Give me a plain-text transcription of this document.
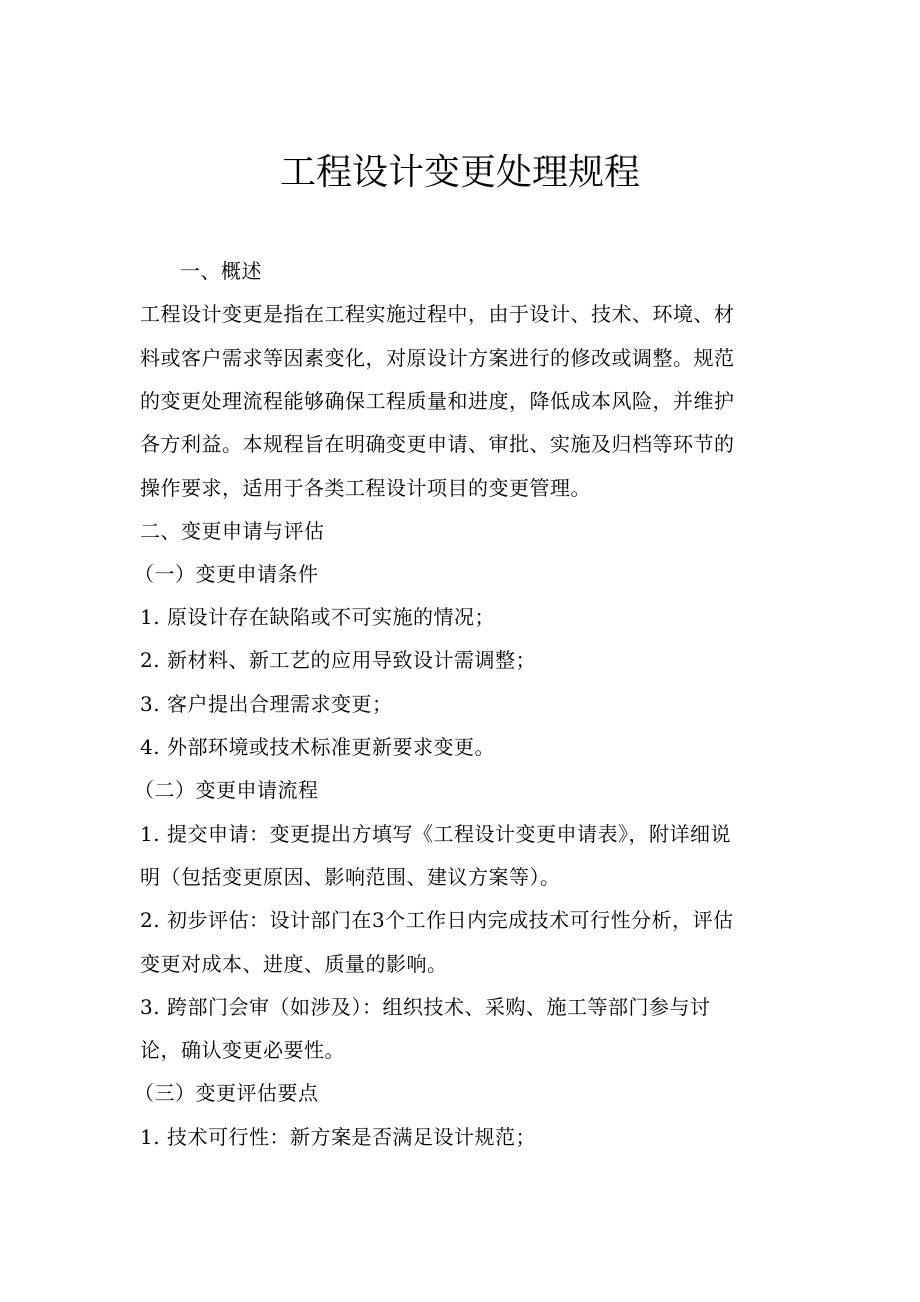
工程设计变更处理规程
一、概述
工程设计变更是指在工程实施过程中，由于设计、技术、环境、材
料或客户需求等因素变化，对原设计方案进行的修改或调整。规范
的变更处理流程能够确保工程质量和进度，降低成本风险，并维护
各方利益。本规程旨在明确变更申请、审批、实施及归档等环节的
操作要求，适用于各类工程设计项目的变更管理。
二、变更申请与评估
（一）变更申请条件
1. 原设计存在缺陷或不可实施的情况；
2. 新材料、新工艺的应用导致设计需调整；
3. 客户提出合理需求变更；
4. 外部环境或技术标准更新要求变更。
（二）变更申请流程
1. 提交申请：变更提出方填写《工程设计变更申请表》，附详细说
明（包括变更原因、影响范围、建议方案等）。
2. 初步评估：设计部门在3个工作日内完成技术可行性分析，评估
变更对成本、进度、质量的影响。
3. 跨部门会审（如涉及）：组织技术、采购、施工等部门参与讨
论，确认变更必要性。
（三）变更评估要点
1. 技术可行性：新方案是否满足设计规范；
